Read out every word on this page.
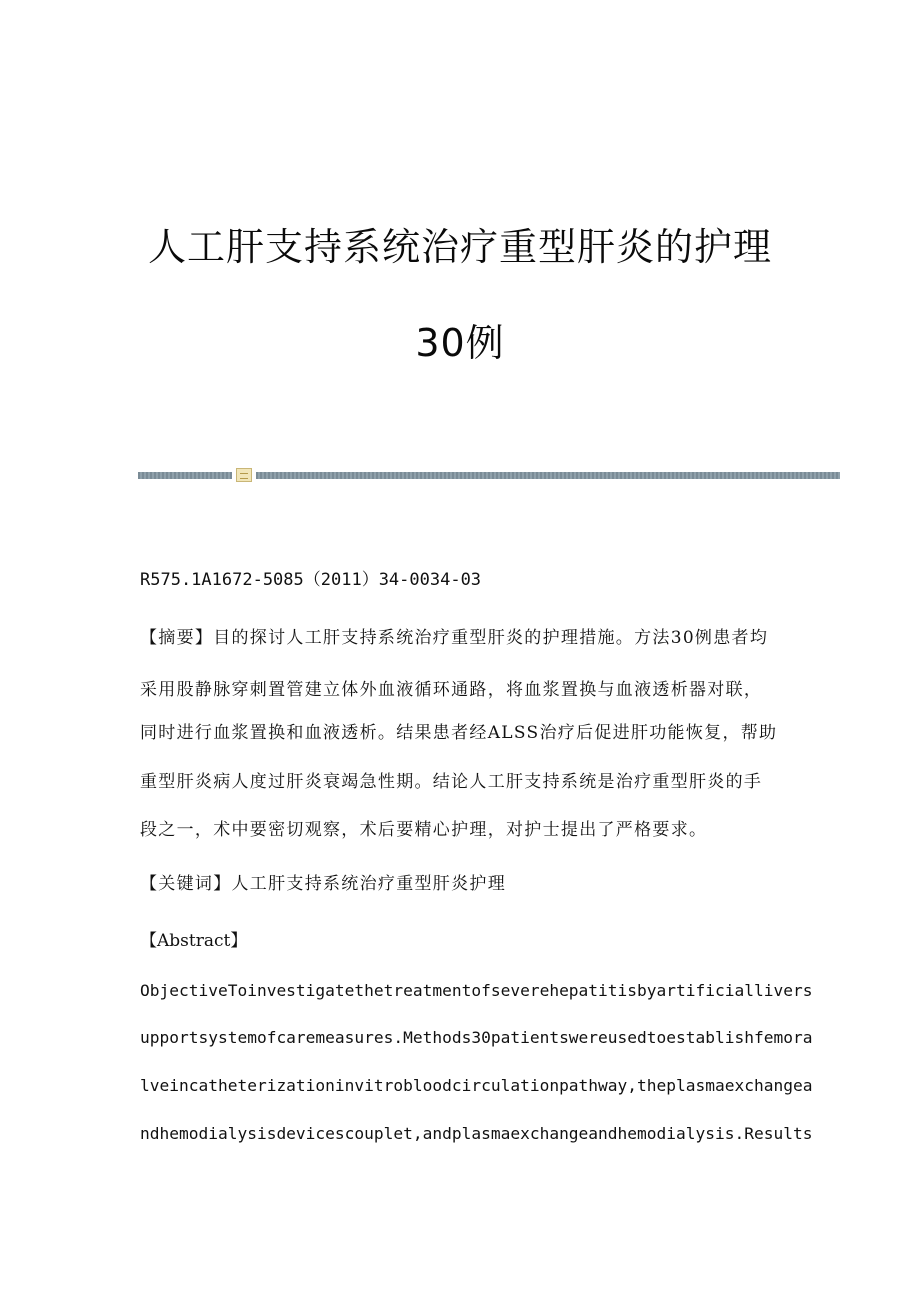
人工肝支持系统治疗重型肝炎的护理
30例

R575.1A1672-5085（2011）34-0034-03

【摘要】目的探讨人工肝支持系统治疗重型肝炎的护理措施。方法30例患者均

采用股静脉穿刺置管建立体外血液循环通路，将血浆置换与血液透析器对联，

同时进行血浆置换和血液透析。结果患者经ALSS治疗后促进肝功能恢复，帮助

重型肝炎病人度过肝炎衰竭急性期。结论人工肝支持系统是治疗重型肝炎的手

段之一，术中要密切观察，术后要精心护理，对护士提出了严格要求。

【关键词】人工肝支持系统治疗重型肝炎护理

【Abstract】

ObjectiveToinvestigatethetreatmentofseverehepatitisbyartificiallivers

upportsystemofcaremeasures.Methods30patientswereusedtoestablishfemora

lveincatheterizationinvitrobloodcirculationpathway,theplasmaexchangea

ndhemodialysisdevicescouplet,andplasmaexchangeandhemodialysis.Results
